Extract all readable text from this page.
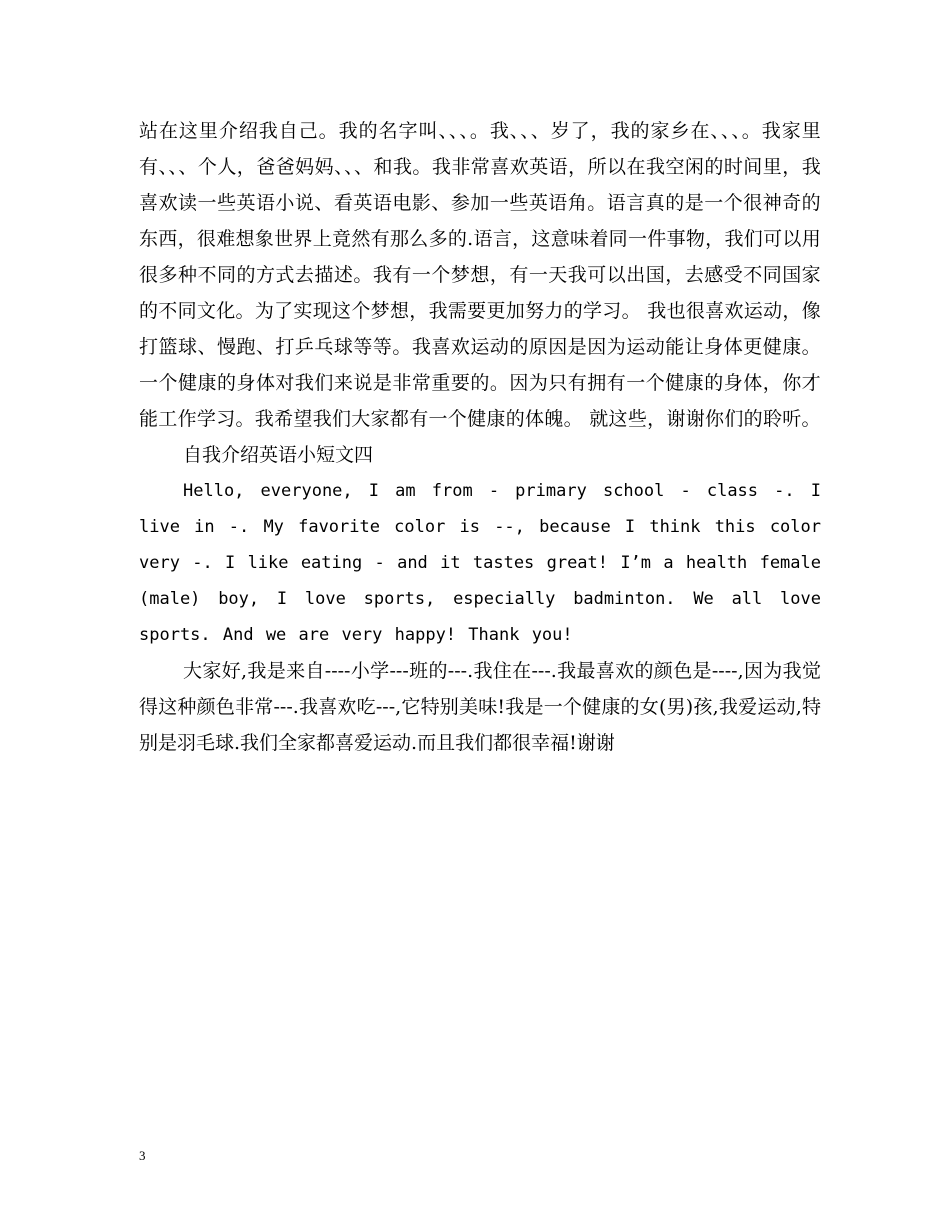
站在这里介绍我自己。我的名字叫、、、。我、、、岁了，我的家乡在、、、。我家里有、、、个人，爸爸妈妈、、、和我。我非常喜欢英语，所以在我空闲的时间里，我喜欢读一些英语小说、看英语电影、参加一些英语角。语言真的是一个很神奇的东西，很难想象世界上竟然有那么多的.语言，这意味着同一件事物，我们可以用很多种不同的方式去描述。我有一个梦想，有一天我可以出国，去感受不同国家的不同文化。为了实现这个梦想，我需要更加努力的学习。 我也很喜欢运动，像打篮球、慢跑、打乒乓球等等。我喜欢运动的原因是因为运动能让身体更健康。一个健康的身体对我们来说是非常重要的。因为只有拥有一个健康的身体，你才能工作学习。我希望我们大家都有一个健康的体魄。 就这些，谢谢你们的聆听。

自我介绍英语小短文四

Hello, everyone, I am from - primary school - class -. I live in -. My favorite color is --, because I think this color very -. I like eating - and it tastes great! I’m a health female (male) boy, I love sports, especially badminton. We all love sports. And we are very happy! Thank you!

大家好,我是来自----小学---班的---.我住在---.我最喜欢的颜色是----,因为我觉得这种颜色非常---.我喜欢吃---,它特别美味!我是一个健康的女(男)孩,我爱运动,特别是羽毛球.我们全家都喜爱运动.而且我们都很幸福!谢谢

3
